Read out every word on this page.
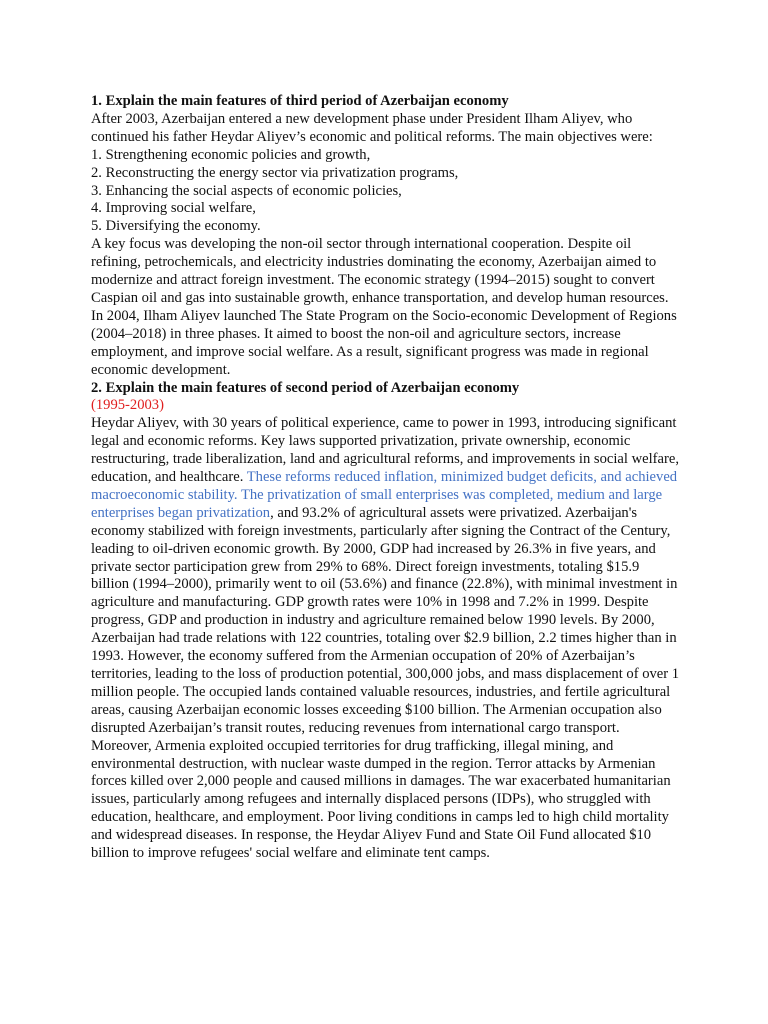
1. Explain the main features of third period of Azerbaijan economy

After 2003, Azerbaijan entered a new development phase under President Ilham Aliyev, who continued his father Heydar Aliyev’s economic and political reforms. The main objectives were:

1. Strengthening economic policies and growth,

2. Reconstructing the energy sector via privatization programs,

3. Enhancing the social aspects of economic policies,

4. Improving social welfare,

5. Diversifying the economy.

A key focus was developing the non-oil sector through international cooperation. Despite oil refining, petrochemicals, and electricity industries dominating the economy, Azerbaijan aimed to modernize and attract foreign investment. The economic strategy (1994–2015) sought to convert Caspian oil and gas into sustainable growth, enhance transportation, and develop human resources. In 2004, Ilham Aliyev launched The State Program on the Socio-economic Development of Regions (2004–2018) in three phases. It aimed to boost the non-oil and agriculture sectors, increase employment, and improve social welfare. As a result, significant progress was made in regional economic development.

2. Explain the main features of second period of Azerbaijan economy

(1995-2003)

Heydar Aliyev, with 30 years of political experience, came to power in 1993, introducing significant legal and economic reforms. Key laws supported privatization, private ownership, economic restructuring, trade liberalization, land and agricultural reforms, and improvements in social welfare, education, and healthcare. These reforms reduced inflation, minimized budget deficits, and achieved macroeconomic stability. The privatization of small enterprises was completed, medium and large enterprises began privatization, and 93.2% of agricultural assets were privatized. Azerbaijan's economy stabilized with foreign investments, particularly after signing the Contract of the Century, leading to oil-driven economic growth. By 2000, GDP had increased by 26.3% in five years, and private sector participation grew from 29% to 68%. Direct foreign investments, totaling $15.9 billion (1994–2000), primarily went to oil (53.6%) and finance (22.8%), with minimal investment in agriculture and manufacturing. GDP growth rates were 10% in 1998 and 7.2% in 1999. Despite progress, GDP and production in industry and agriculture remained below 1990 levels. By 2000, Azerbaijan had trade relations with 122 countries, totaling over $2.9 billion, 2.2 times higher than in 1993. However, the economy suffered from the Armenian occupation of 20% of Azerbaijan’s territories, leading to the loss of production potential, 300,000 jobs, and mass displacement of over 1 million people. The occupied lands contained valuable resources, industries, and fertile agricultural areas, causing Azerbaijan economic losses exceeding $100 billion. The Armenian occupation also disrupted Azerbaijan’s transit routes, reducing revenues from international cargo transport. Moreover, Armenia exploited occupied territories for drug trafficking, illegal mining, and environmental destruction, with nuclear waste dumped in the region. Terror attacks by Armenian forces killed over 2,000 people and caused millions in damages. The war exacerbated humanitarian issues, particularly among refugees and internally displaced persons (IDPs), who struggled with education, healthcare, and employment. Poor living conditions in camps led to high child mortality and widespread diseases. In response, the Heydar Aliyev Fund and State Oil Fund allocated $10 billion to improve refugees' social welfare and eliminate tent camps.
